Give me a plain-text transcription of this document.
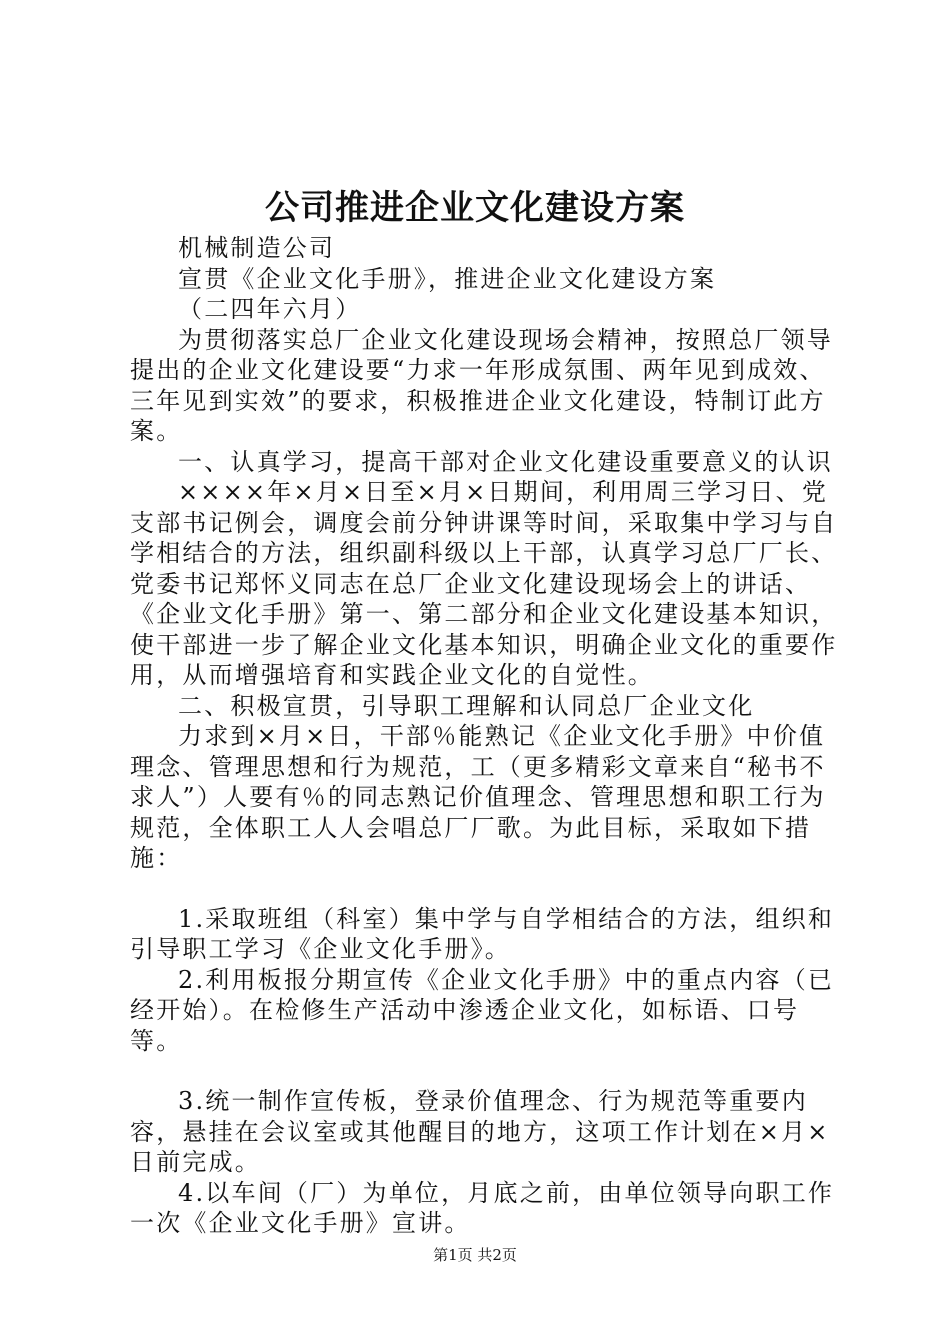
公司推进企业文化建设方案

机械制造公司

宣贯《企业文化手册》，推进企业文化建设方案

（二四年六月）

为贯彻落实总厂企业文化建设现场会精神，按照总厂领导提出的企业文化建设要“力求一年形成氛围、两年见到成效、三年见到实效”的要求，积极推进企业文化建设，特制订此方案。

一、认真学习，提高干部对企业文化建设重要意义的认识

××××年×月×日至×月×日期间，利用周三学习日、党支部书记例会，调度会前分钟讲课等时间，采取集中学习与自学相结合的方法，组织副科级以上干部，认真学习总厂厂长、党委书记郑怀义同志在总厂企业文化建设现场会上的讲话、《企业文化手册》第一、第二部分和企业文化建设基本知识，使干部进一步了解企业文化基本知识，明确企业文化的重要作用，从而增强培育和实践企业文化的自觉性。

二、积极宣贯，引导职工理解和认同总厂企业文化

力求到×月×日，干部％能熟记《企业文化手册》中价值理念、管理思想和行为规范，工（更多精彩文章来自“秘书不求人”）人要有％的同志熟记价值理念、管理思想和职工行为规范，全体职工人人会唱总厂厂歌。为此目标，采取如下措施：

1.采取班组（科室）集中学与自学相结合的方法，组织和引导职工学习《企业文化手册》。

2.利用板报分期宣传《企业文化手册》中的重点内容（已经开始）。在检修生产活动中渗透企业文化，如标语、口号等。

3.统一制作宣传板，登录价值理念、行为规范等重要内容，悬挂在会议室或其他醒目的地方，这项工作计划在×月×日前完成。

4.以车间（厂）为单位，月底之前，由单位领导向职工作一次《企业文化手册》宣讲。

第1页 共2页
